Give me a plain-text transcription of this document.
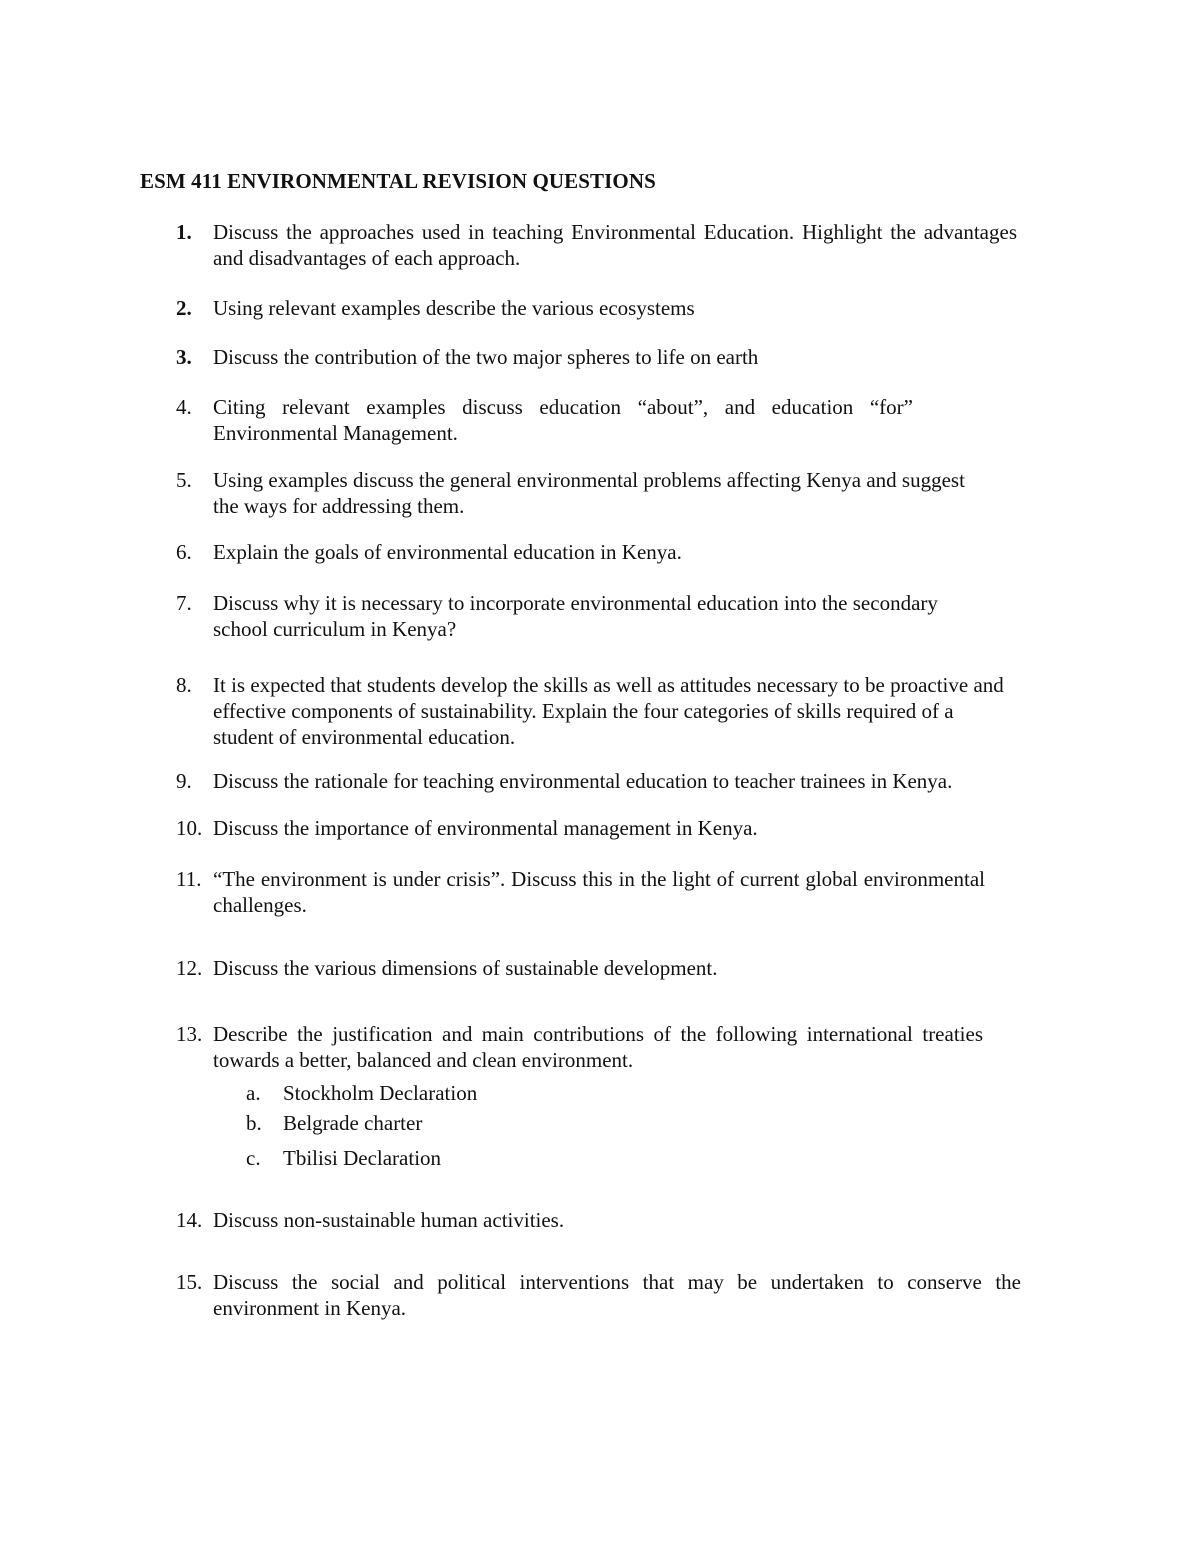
ESM 411 ENVIRONMENTAL REVISION QUESTIONS
1.	Discuss the approaches used in teaching Environmental Education. Highlight the advantages and disadvantages of each approach.
2.	Using relevant examples describe the various ecosystems
3.	Discuss the contribution of the two major spheres to life on earth
4.	Citing relevant examples discuss education “about”, and education “for” Environmental Management.
5.	Using examples discuss the general environmental problems affecting Kenya and suggest the ways for addressing them.
6.	Explain the goals of environmental education in Kenya.
7.	Discuss why it is necessary to incorporate environmental education into the secondary school curriculum in Kenya?
8.	It is expected that students develop the skills as well as attitudes necessary to be proactive and effective components of sustainability. Explain the four categories of skills required of a student of environmental education.
9.	Discuss the rationale for teaching environmental education to teacher trainees in Kenya.
10. Discuss the importance of environmental management in Kenya.
11. “The environment is under crisis”. Discuss this in the light of current global environmental challenges.
12. Discuss the various dimensions of sustainable development.
13. Describe the justification and main contributions of the following international treaties towards a better, balanced and clean environment.
a. Stockholm Declaration
b. Belgrade charter
c. Tbilisi Declaration
14. Discuss non-sustainable human activities.
15. Discuss the social and political interventions that may be undertaken to conserve the environment in Kenya.
